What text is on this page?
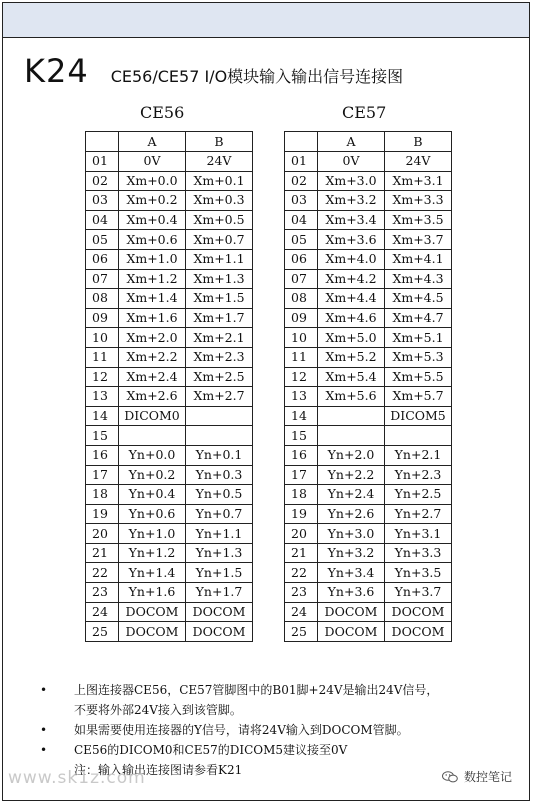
K24 CE56/CE57 I/O模块输入输出信号连接图
CE56	CE57
	A	B
01	0V	24V
02	Xm+0.0	Xm+0.1
03	Xm+0.2	Xm+0.3
04	Xm+0.4	Xm+0.5
05	Xm+0.6	Xm+0.7
06	Xm+1.0	Xm+1.1
07	Xm+1.2	Xm+1.3
08	Xm+1.4	Xm+1.5
09	Xm+1.6	Xm+1.7
10	Xm+2.0	Xm+2.1
11	Xm+2.2	Xm+2.3
12	Xm+2.4	Xm+2.5
13	Xm+2.6	Xm+2.7
14	DICOM0	
15		
16	Yn+0.0	Yn+0.1
17	Yn+0.2	Yn+0.3
18	Yn+0.4	Yn+0.5
19	Yn+0.6	Yn+0.7
20	Yn+1.0	Yn+1.1
21	Yn+1.2	Yn+1.3
22	Yn+1.4	Yn+1.5
23	Yn+1.6	Yn+1.7
24	DOCOM	DOCOM
25	DOCOM	DOCOM
	A	B
01	0V	24V
02	Xm+3.0	Xm+3.1
03	Xm+3.2	Xm+3.3
04	Xm+3.4	Xm+3.5
05	Xm+3.6	Xm+3.7
06	Xm+4.0	Xm+4.1
07	Xm+4.2	Xm+4.3
08	Xm+4.4	Xm+4.5
09	Xm+4.6	Xm+4.7
10	Xm+5.0	Xm+5.1
11	Xm+5.2	Xm+5.3
12	Xm+5.4	Xm+5.5
13	Xm+5.6	Xm+5.7
14		DICOM5
15		
16	Yn+2.0	Yn+2.1
17	Yn+2.2	Yn+2.3
18	Yn+2.4	Yn+2.5
19	Yn+2.6	Yn+2.7
20	Yn+3.0	Yn+3.1
21	Yn+3.2	Yn+3.3
22	Yn+3.4	Yn+3.5
23	Yn+3.6	Yn+3.7
24	DOCOM	DOCOM
25	DOCOM	DOCOM
• 上图连接器CE56，CE57管脚图中的B01脚+24V是输出24V信号，
不要将外部24V接入到该管脚。
• 如果需要使用连接器的Y信号，请将24V输入到DOCOM管脚。
• CE56的DICOM0和CE57的DICOM5建议接至0V
注：输入输出连接图请参看K21
www.sk1z.com	数控笔记
